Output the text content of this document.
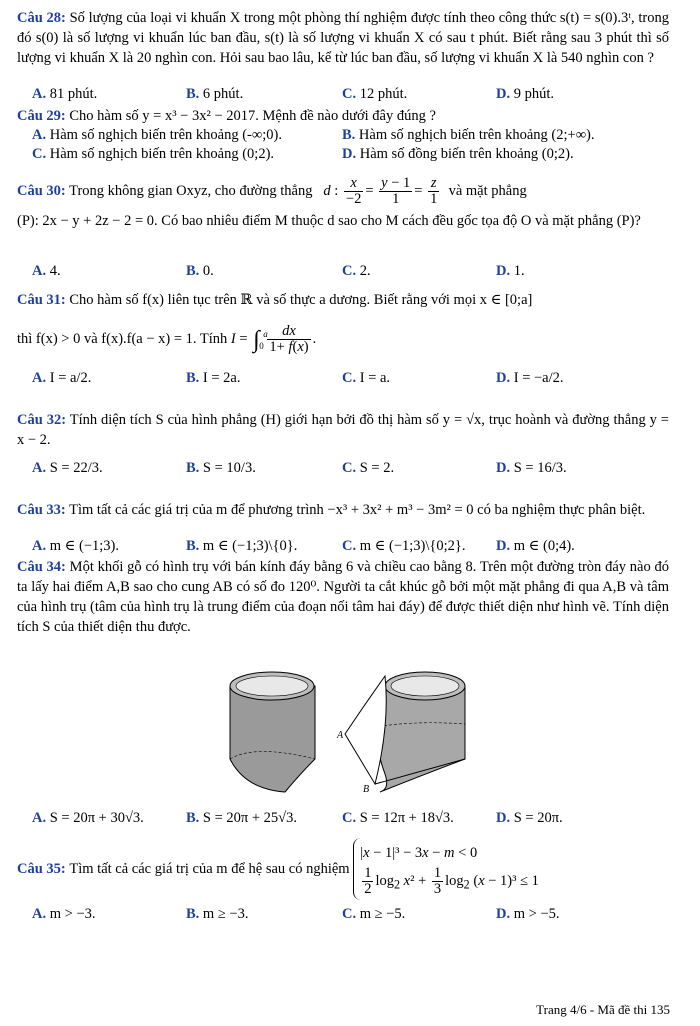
Câu 28: Số lượng của loại vi khuẩn X trong một phòng thí nghiệm được tính theo công thức s(t) = s(0).3ᵗ, trong đó s(0) là số lượng vi khuẩn lúc ban đầu, s(t) là số lượng vi khuẩn X có sau t phút. Biết rằng sau 3 phút thì số lượng vi khuẩn X là 20 nghìn con. Hỏi sau bao lâu, kể từ lúc ban đầu, số lượng vi khuẩn X là 540 nghìn con ?

A. 81 phút.	B. 6 phút.	C. 12 phút.	D. 9 phút.

Câu 29: Cho hàm số y = x³ − 3x² − 2017. Mệnh đề nào dưới đây đúng ?

A. Hàm số nghịch biến trên khoảng (-∞;0).	B. Hàm số nghịch biến trên khoảng (2;+∞).
C. Hàm số nghịch biến trên khoảng (0;2).	D. Hàm số đồng biến trên khoảng (0;2).

Câu 30: Trong không gian Oxyz, cho đường thẳng d : $\frac{x}{-2} = \frac{y - 1}{1} = \frac{z}{1}$ và mặt phẳng

(P): 2x − y + 2z − 2 = 0. Có bao nhiêu điểm M thuộc d sao cho M cách đều gốc tọa độ O và mặt phẳng (P)?

A. 4.	B. 0.	C. 2.	D. 1.

Câu 31: Cho hàm số f(x) liên tục trên ℝ và số thực a dương. Biết rằng với mọi x ∈ [0;a]

thì f(x) > 0 và f(x).f(a − x) = 1. Tính I = ∫ a
0
$\frac{dx}{1+ f(x)}$ .

A. I = a/2.	B. I = 2a.	C. I = a.	D. I = −a/2.

Câu 32: Tính diện tích S của hình phẳng (H) giới hạn bởi đồ thị hàm số y = √x, trục hoành và đường thẳng y = x − 2.

A. S = 22/3.	B. S = 10/3.	C. S = 2.	D. S = 16/3.

Câu 33: Tìm tất cả các giá trị của m để phương trình −x³ + 3x² + m³ − 3m² = 0 có ba nghiệm thực phân biệt.

A. m ∈ (−1;3).	B. m ∈ (−1;3)\{0}.	C. m ∈ (−1;3)\{0;2}. D. m ∈ (0;4).

Câu 34: Một khối gỗ có hình trụ với bán kính đáy bằng 6 và chiều cao bằng 8. Trên một đường tròn đáy nào đó ta lấy hai điểm A,B sao cho cung AB có số đo 120⁰. Người ta cắt khúc gỗ bởi một mặt phẳng đi qua A,B và tâm của hình trụ (tâm của hình trụ là trung điểm của đoạn nối tâm hai đáy) để được thiết diện như hình vẽ. Tính diện tích S của thiết diện thu được.

A
B
A. S = 20π + 30√3.	B. S = 20π + 25√3.	C. S = 12π + 18√3.	D. S = 20π.

Câu 35:
Tìm tất cả các giá trị của m để hệ sau có nghiệm

|x − 1|³ − 3x − m < 0

$\frac{1}{2} \log_2 x^2 + \frac{1}{3} \log_2 (x - 1)^3 \le 1$

A. m > −3.	B. m ≥ −3.	C. m ≥ −5.	D. m > −5.
Trang 4/6 - Mã đề thi 135
